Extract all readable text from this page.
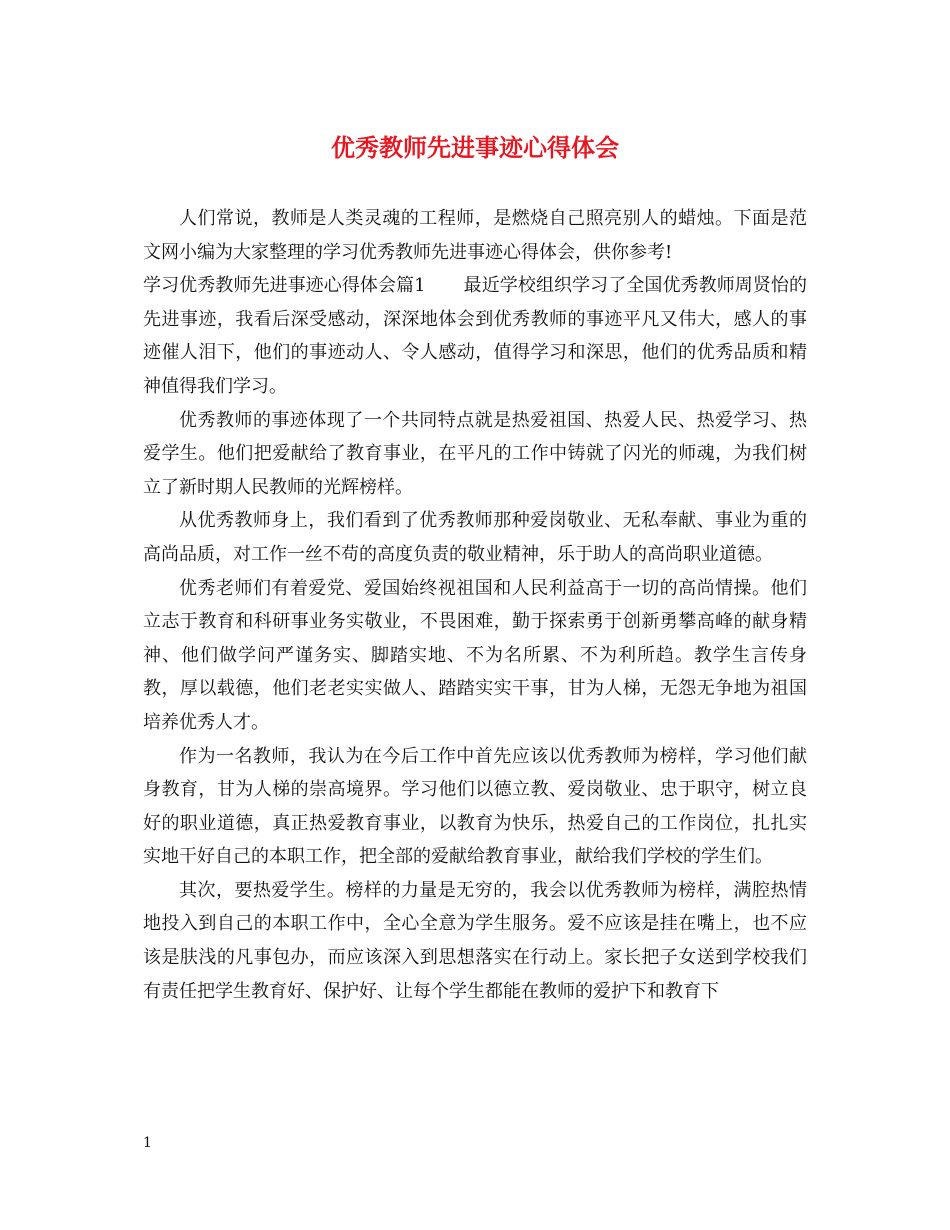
优秀教师先进事迹心得体会

人们常说，教师是人类灵魂的工程师，是燃烧自己照亮别人的蜡烛。下面是范文网小编为大家整理的学习优秀教师先进事迹心得体会，供你参考!

学习优秀教师先进事迹心得体会篇1 最近学校组织学习了全国优秀教师周贤怡的先进事迹，我看后深受感动，深深地体会到优秀教师的事迹平凡又伟大，感人的事迹催人泪下，他们的事迹动人、令人感动，值得学习和深思，他们的优秀品质和精神值得我们学习。

优秀教师的事迹体现了一个共同特点就是热爱祖国、热爱人民、热爱学习、热爱学生。他们把爱献给了教育事业，在平凡的工作中铸就了闪光的师魂，为我们树立了新时期人民教师的光辉榜样。

从优秀教师身上，我们看到了优秀教师那种爱岗敬业、无私奉献、事业为重的高尚品质，对工作一丝不苟的高度负责的敬业精神，乐于助人的高尚职业道德。

优秀老师们有着爱党、爱国始终视祖国和人民利益高于一切的高尚情操。他们立志于教育和科研事业务实敬业，不畏困难，勤于探索勇于创新勇攀高峰的献身精神、他们做学问严谨务实、脚踏实地、不为名所累、不为利所趋。教学生言传身教，厚以载德，他们老老实实做人、踏踏实实干事，甘为人梯，无怨无争地为祖国培养优秀人才。

作为一名教师，我认为在今后工作中首先应该以优秀教师为榜样，学习他们献身教育，甘为人梯的崇高境界。学习他们以德立教、爱岗敬业、忠于职守，树立良好的职业道德，真正热爱教育事业，以教育为快乐，热爱自己的工作岗位，扎扎实实地干好自己的本职工作，把全部的爱献给教育事业，献给我们学校的学生们。

其次，要热爱学生。榜样的力量是无穷的，我会以优秀教师为榜样，满腔热情地投入到自己的本职工作中，全心全意为学生服务。爱不应该是挂在嘴上，也不应该是肤浅的凡事包办，而应该深入到思想落实在行动上。家长把子女送到学校我们有责任把学生教育好、保护好、让每个学生都能在教师的爱护下和教育下

1
